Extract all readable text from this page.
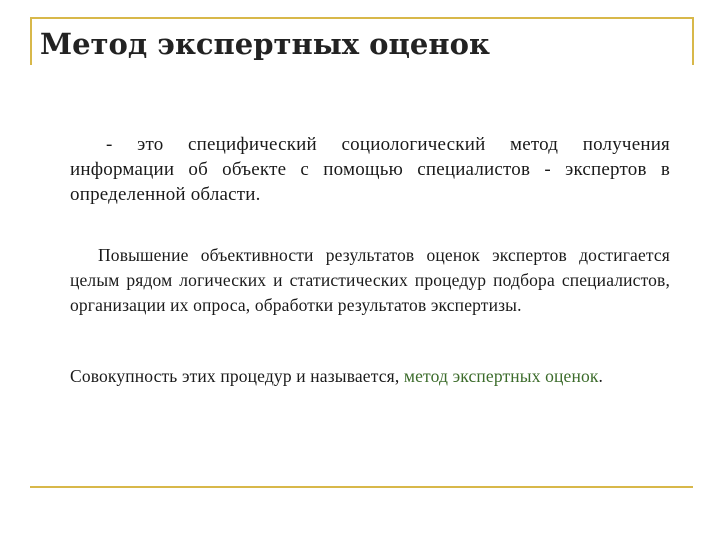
Метод экспертных оценок

- это специфический социологический метод получения информации об объекте с помощью специалистов - экспертов в определенной области.

Повышение объективности результатов оценок экспертов достигается целым рядом логических и статистических процедур подбора специалистов, организации их опроса, обработки результатов экспертизы.

Совокупность этих процедур и называется, метод экспертных оценок.
